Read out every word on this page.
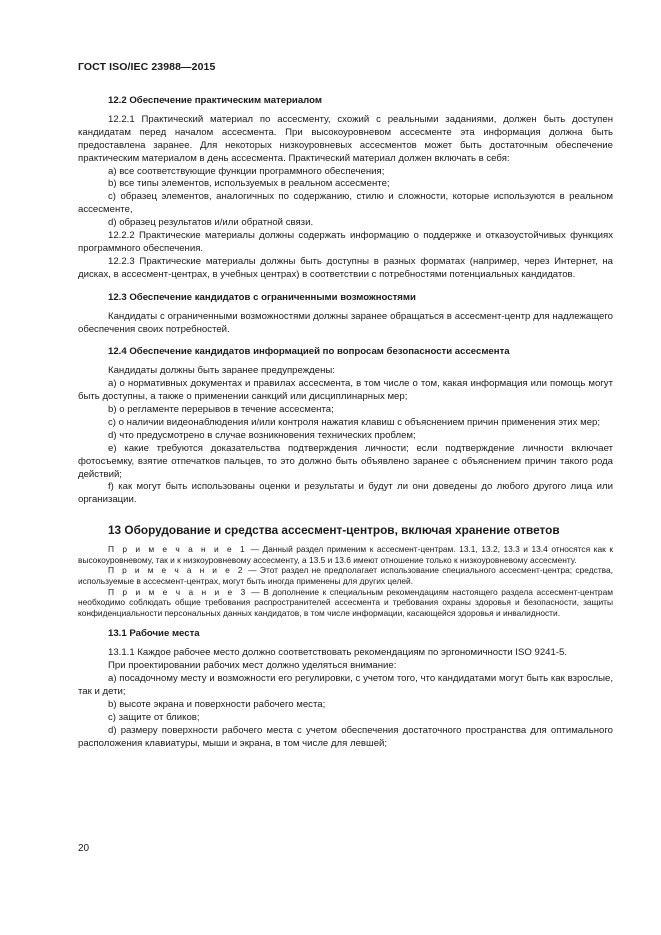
ГОСТ ISO/IEC 23988—2015
12.2 Обеспечение практическим материалом
12.2.1 Практический материал по ассесменту, схожий с реальными заданиями, должен быть доступен кандидатам перед началом ассесмента. При высокоуровневом ассесменте эта информация должна быть предоставлена заранее. Для некоторых низкоуровневых ассесментов может быть достаточным обеспечение практическим материалом в день ассесмента. Практический материал должен включать в себя:
a) все соответствующие функции программного обеспечения;
b) все типы элементов, используемых в реальном ассесменте;
c) образец элементов, аналогичных по содержанию, стилю и сложности, которые используются в реальном ассесменте,
d) образец результатов и/или обратной связи.
12.2.2 Практические материалы должны содержать информацию о поддержке и отказоустойчивых функциях программного обеспечения.
12.2.3 Практические материалы должны быть доступны в разных форматах (например, через Интернет, на дисках, в ассесмент-центрах, в учебных центрах) в соответствии с потребностями потенциальных кандидатов.
12.3 Обеспечение кандидатов с ограниченными возможностями
Кандидаты с ограниченными возможностями должны заранее обращаться в ассесмент-центр для надлежащего обеспечения своих потребностей.
12.4 Обеспечение кандидатов информацией по вопросам безопасности ассесмента
Кандидаты должны быть заранее предупреждены:
a) о нормативных документах и правилах ассесмента, в том числе о том, какая информация или помощь могут быть доступны, а также о применении санкций или дисциплинарных мер;
b) о регламенте перерывов в течение ассесмента;
c) о наличии видеонаблюдения и/или контроля нажатия клавиш с объяснением причин применения этих мер;
d) что предусмотрено в случае возникновения технических проблем;
e) какие требуются доказательства подтверждения личности; если подтверждение личности включает фотосъемку, взятие отпечатков пальцев, то это должно быть объявлено заранее с объяснением причин такого рода действий;
f) как могут быть использованы оценки и результаты и будут ли они доведены до любого другого лица или организации.
13 Оборудование и средства ассесмент-центров, включая хранение ответов
П р и м е ч а н и е 1 — Данный раздел применим к ассесмент-центрам. 13.1, 13.2, 13.3 и 13.4 относятся как к высокоуровневому, так и к низкоуровневому ассесменту, а 13.5 и 13.6 имеют отношение только к низкоуровневому ассесменту.
П р и м е ч а н и е 2 — Этот раздел не предполагает использование специального ассесмент-центра; средства, используемые в ассесмент-центрах, могут быть иногда применены для других целей.
П р и м е ч а н и е 3 — В дополнение к специальным рекомендациям настоящего раздела ассесмент-центрам необходимо соблюдать общие требования распространителей ассесмента и требования охраны здоровья и безопасности, защиты конфиденциальности персональных данных кандидатов, в том числе информации, касающейся здоровья и инвалидности.
13.1 Рабочие места
13.1.1 Каждое рабочее место должно соответствовать рекомендациям по эргономичности ISO 9241-5.
При проектировании рабочих мест должно уделяться внимание:
a) посадочному месту и возможности его регулировки, с учетом того, что кандидатами могут быть как взрослые, так и дети;
b) высоте экрана и поверхности рабочего места;
c) защите от бликов;
d) размеру поверхности рабочего места с учетом обеспечения достаточного пространства для оптимального расположения клавиатуры, мыши и экрана, в том числе для левшей;
20
